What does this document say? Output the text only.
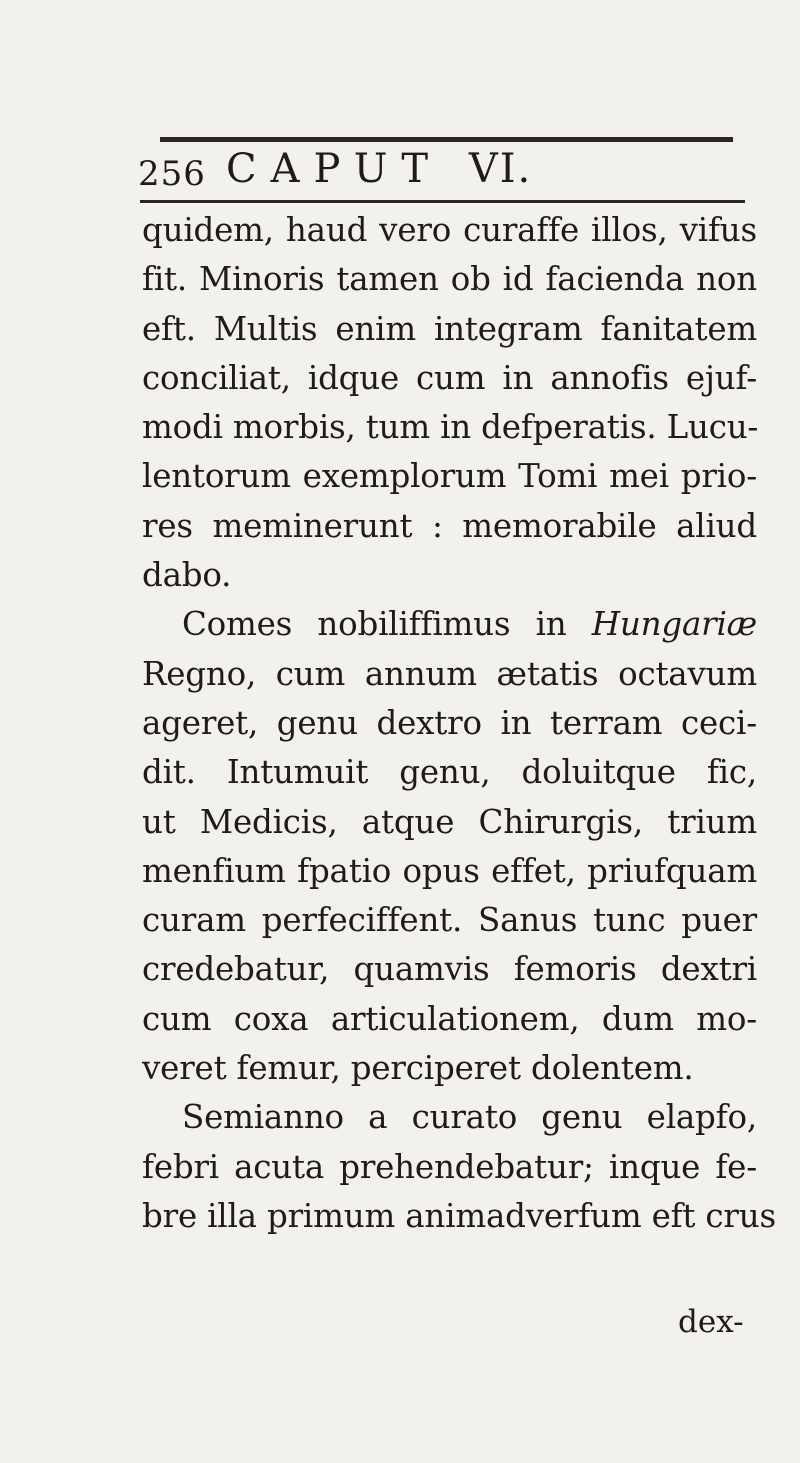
256 CAPUT VI.
quidem, haud vero curaffe illos, vifus
fit. Minoris tamen ob id facienda non
eft. Multis enim integram fanitatem
conciliat, idque cum in annofis ejuf-
modi morbis, tum in defperatis. Lucu-
lentorum exemplorum Tomi mei prio-
res meminerunt : memorabile aliud
dabo.
Comes nobiliffimus in Hungariæ
Regno, cum annum ætatis octavum
ageret, genu dextro in terram ceci-
dit. Intumuit genu, doluitque fic,
ut Medicis, atque Chirurgis, trium
menfium fpatio opus effet, priufquam
curam perfeciffent. Sanus tunc puer
credebatur, quamvis femoris dextri
cum coxa articulationem, dum mo-
veret femur, perciperet dolentem.
Semianno a curato genu elapfo,
febri acuta prehendebatur; inque fe-
bre illa primum animadverfum eft crus
dex-
